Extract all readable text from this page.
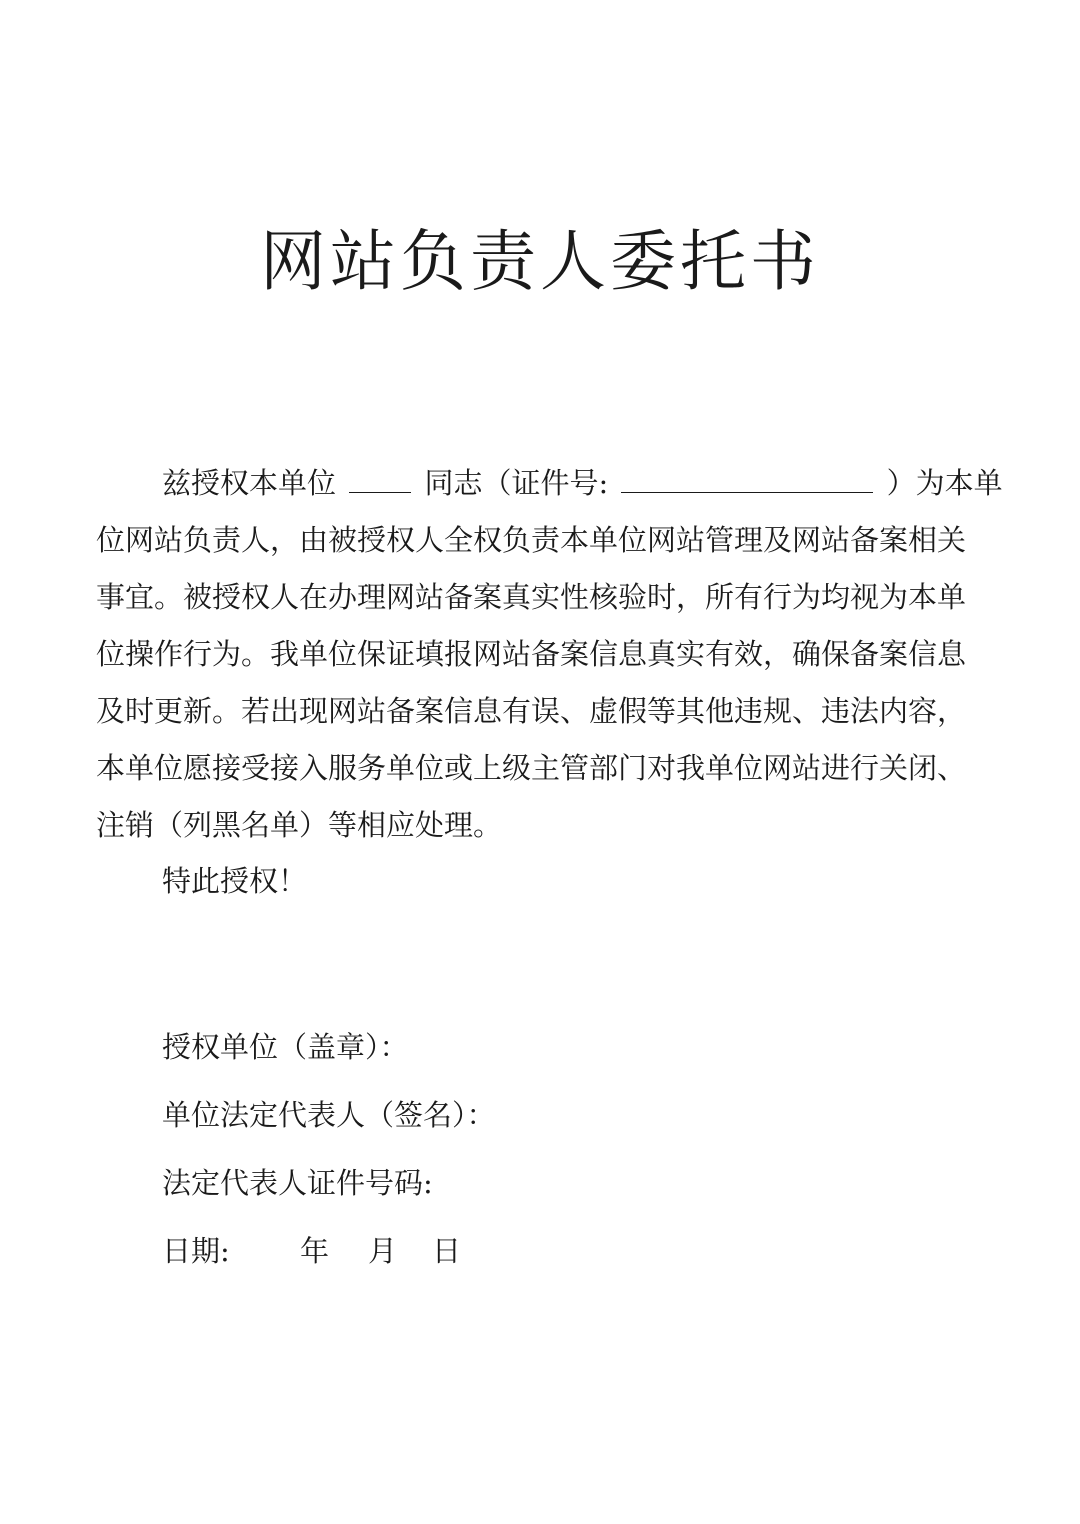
网站负责人委托书
兹授权本单位	同志（证件号:	）为本单
位网站负责人，由被授权人全权负责本单位网站管理及网站备案相关
事宜。被授权人在办理网站备案真实性核验时，所有行为均视为本单
位操作行为。我单位保证填报网站备案信息真实有效，确保备案信息
及时更新。若出现网站备案信息有误、虚假等其他违规、违法内容，
本单位愿接受接入服务单位或上级主管部门对我单位网站进行关闭、
注销（列黑名单）等相应处理。
特此授权！
授权单位（盖章）：
单位法定代表人（签名）：
法定代表人证件号码:
日期: 年 月 日
